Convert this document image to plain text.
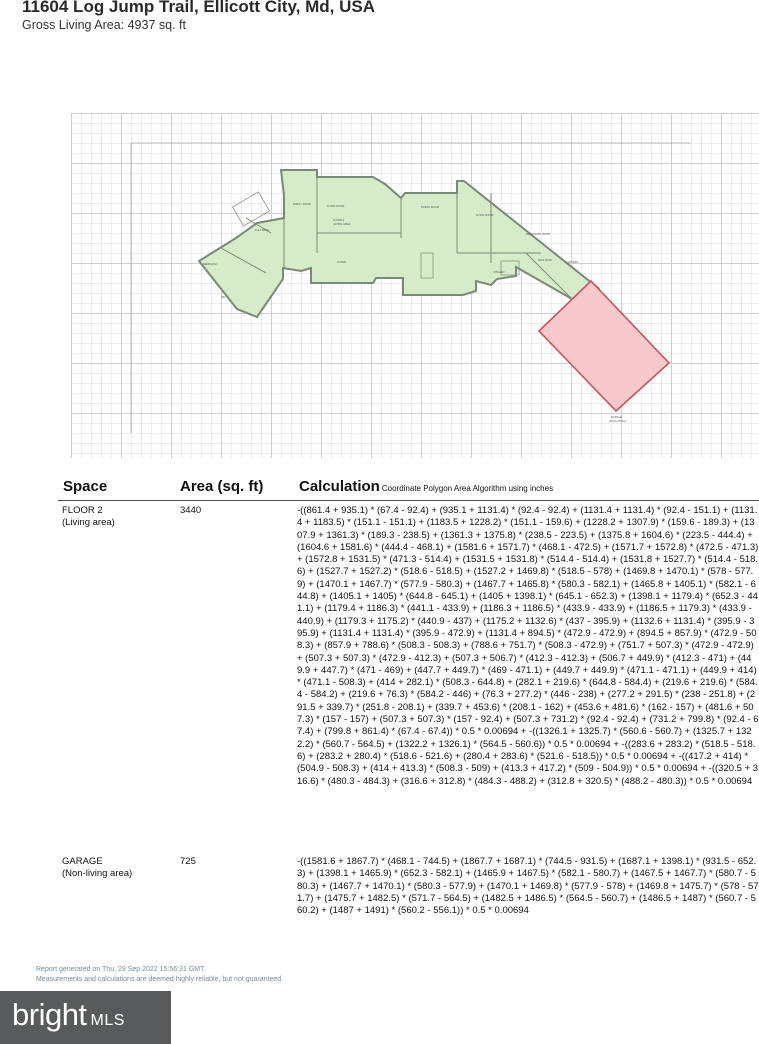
11604 Log Jump Trail, Ellicott City, Md, USA
Gross Living Area: 4937 sq. ft
BEDROOM
FULL BATH
WIC
FAMILY ROOM
LIVING ROOM
FLOOR 2
(LIVING AREA)
FOYER
DINING ROOM
LIVING ROOM
BREAKFAST ROOM
KITCHEN
HALF BATH
LAUNDRY
GARAGE
(NON-LIVING)
Space	Area (sq. ft) Calculation Coordinate Polygon Area Algorithm using inches
FLOOR 2
(Living area)
3440	-((861.4 + 935.1) * (67.4 - 92.4) + (935.1 + 1131.4) * (92.4 - 92.4) + (1131.4 + 1131.4) * (92.4 - 151.1) + (1131.4 + 1183.5) * (151.1 - 151.1) + (1183.5 + 1228.2) * (151.1 - 159.6) + (1228.2 + 1307.9) * (159.6 - 189.3) + (1307.9 + 1361.3) * (189.3 - 238.5) + (1361.3 + 1375.8) * (238.5 - 223.5) + (1375.8 + 1604.6) * (223.5 - 444.4) + (1604.6 + 1581.6) * (444.4 - 468.1) + (1581.6 + 1571.7) * (468.1 - 472.5) + (1571.7 + 1572.8) * (472.5 - 471.3) + (1572.8 + 1531.5) * (471.3 - 514.4) + (1531.5 + 1531.8) * (514.4 - 514.4) + (1531.8 + 1527.7) * (514.4 - 518.6) + (1527.7 + 1527.2) * (518.6 - 518.5) + (1527.2 + 1469.8) * (518.5 - 578) + (1469.8 + 1470.1) * (578 - 577.9) + (1470.1 + 1467.7) * (577.9 - 580.3) + (1467.7 + 1465.8) * (580.3 - 582.1) + (1465.8 + 1405.1) * (582.1 - 644.8) + (1405.1 + 1405) * (644.8 - 645.1) + (1405 + 1398.1) * (645.1 - 652.3) + (1398.1 + 1179.4) * (652.3 - 441.1) + (1179.4 + 1186.3) * (441.1 - 433.9) + (1186.3 + 1186.5) * (433.9 - 433.9) + (1186.5 + 1179.3) * (433.9 - 440.9) + (1179.3 + 1175.2) * (440.9 - 437) + (1175.2 + 1132.6) * (437 - 395.9) + (1132.6 + 1131.4) * (395.9 - 395.9) + (1131.4 + 1131.4) * (395.9 - 472.9) + (1131.4 + 894.5) * (472.9 - 472.9) + (894.5 + 857.9) * (472.9 - 508.3) + (857.9 + 788.6) * (508.3 - 508.3) + (788.6 + 751.7) * (508.3 - 472.9) + (751.7 + 507.3) * (472.9 - 472.9) + (507.3 + 507.3) * (472.9 - 412.3) + (507.3 + 506.7) * (412.3 - 412.3) + (506.7 + 449.9) * (412.3 - 471) + (449.9 + 447.7) * (471 - 469) + (447.7 + 449.7) * (469 - 471.1) + (449.7 + 449.9) * (471.1 - 471.1) + (449.9 + 414) * (471.1 - 508.3) + (414 + 282.1) * (508.3 - 644.8) + (282.1 + 219.6) * (644.8 - 584.4) + (219.6 + 219.6) * (584.4 - 584.2) + (219.6 + 76.3) * (584.2 - 446) + (76.3 + 277.2) * (446 - 238) + (277.2 + 291.5) * (238 - 251.8) + (291.5 + 339.7) * (251.8 - 208.1) + (339.7 + 453.6) * (208.1 - 162) + (453.6 + 481.6) * (162 - 157) + (481.6 + 507.3) * (157 - 157) + (507.3 + 507.3) * (157 - 92.4) + (507.3 + 731.2) * (92.4 - 92.4) + (731.2 + 799.8) * (92.4 - 67.4) + (799.8 + 861.4) * (67.4 - 67.4)) * 0.5 * 0.00694 + -((1326.1 + 1325.7) * (560.6 - 560.7) + (1325.7 + 1322.2) * (560.7 - 564.5) + (1322.2 + 1326.1) * (564.5 - 560.6)) * 0.5 * 0.00694 + -((283.6 + 283.2) * (518.5 - 518.6) + (283.2 + 280.4) * (518.6 - 521.6) + (280.4 + 283.6) * (521.6 - 518.5)) * 0.5 * 0.00694 + -((417.2 + 414) * (504.9 - 508.3) + (414 + 413.3) * (508.3 - 509) + (413.3 + 417.2) * (509 - 504.9)) * 0.5 * 0.00694 + -((320.5 + 316.6) * (480.3 - 484.3) + (316.6 + 312.8) * (484.3 - 488.2) + (312.8 + 320.5) * (488.2 - 480.3)) * 0.5 * 0.00694
GARAGE
(Non-living area)
725	-((1581.6 + 1867.7) * (468.1 - 744.5) + (1867.7 + 1687.1) * (744.5 - 931.5) + (1687.1 + 1398.1) * (931.5 - 652.3) + (1398.1 + 1465.9) * (652.3 - 582.1) + (1465.9 + 1467.5) * (582.1 - 580.7) + (1467.5 + 1467.7) * (580.7 - 580.3) + (1467.7 + 1470.1) * (580.3 - 577.9) + (1470.1 + 1469.8) * (577.9 - 578) + (1469.8 + 1475.7) * (578 - 571.7) + (1475.7 + 1482.5) * (571.7 - 564.5) + (1482.5 + 1486.5) * (564.5 - 560.7) + (1486.5 + 1487) * (560.7 - 560.2) + (1487 + 1491) * (560.2 - 556.1)) * 0.5 * 0.00694
Report generated on Thu, 29 Sep 2022 15:56:31 GMT.
Measurements and calculations are deemed highly reliable, but not guaranteed.
bright MLS
